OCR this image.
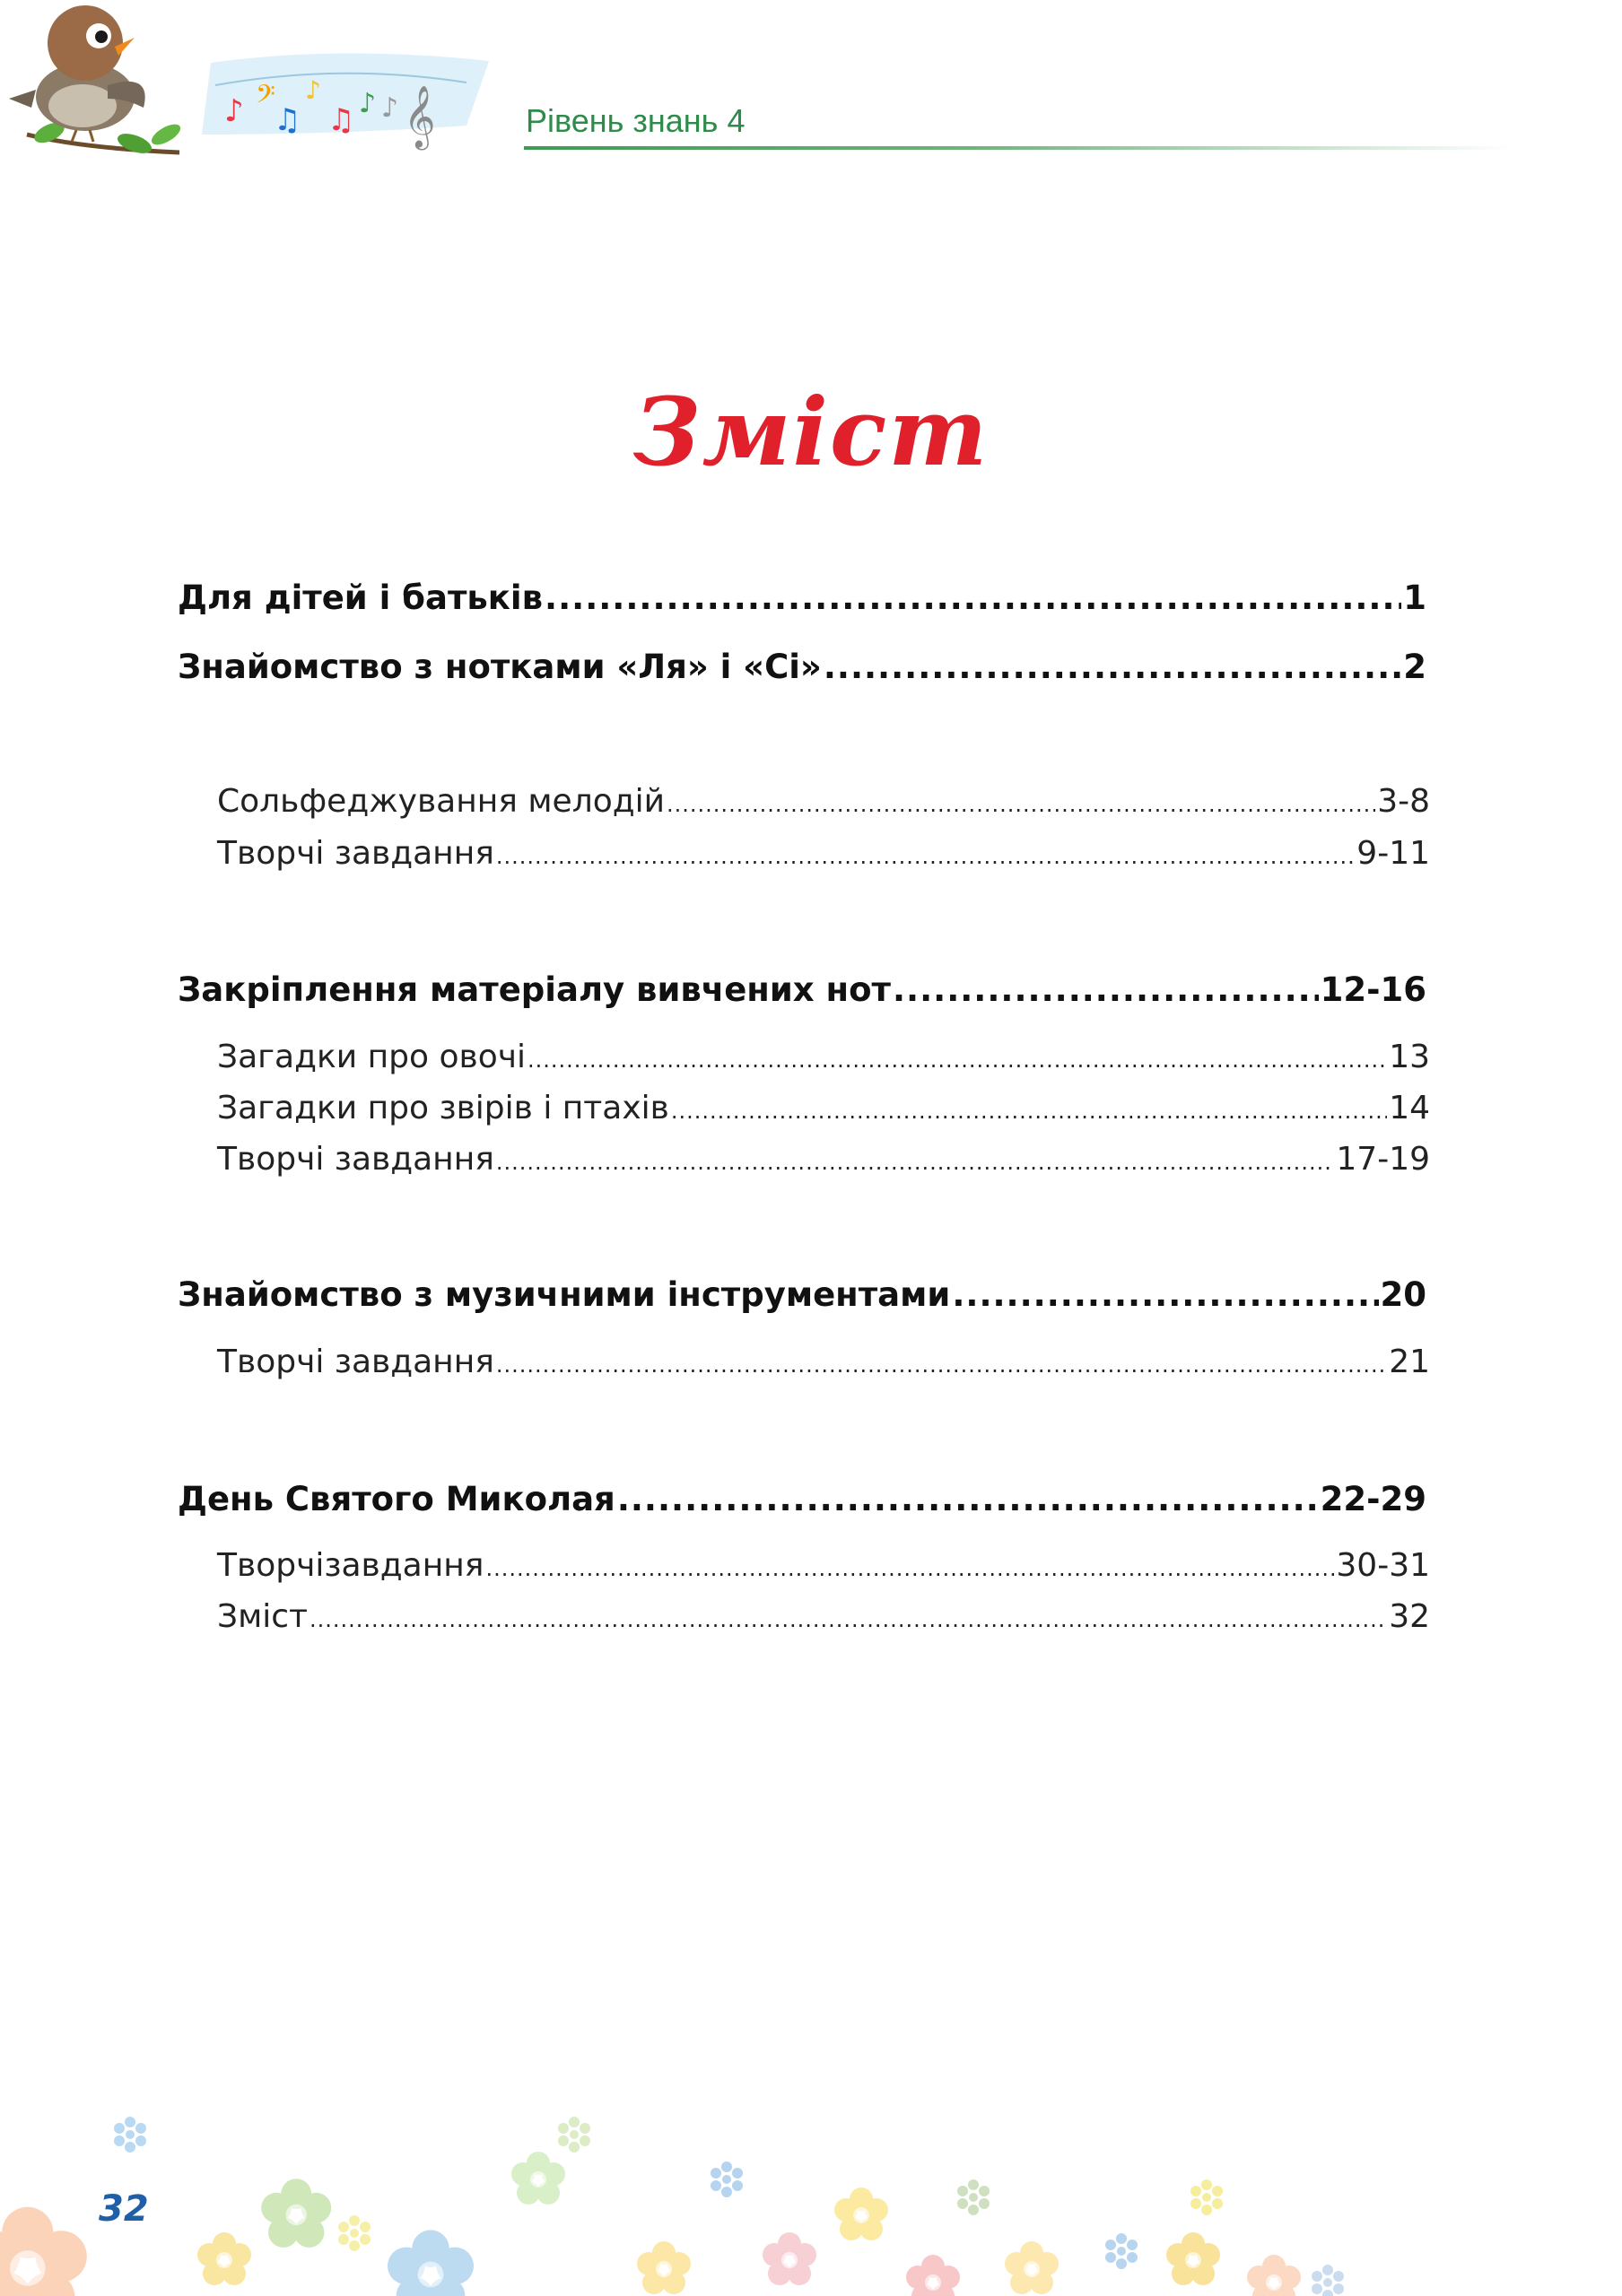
♪ 𝄢
♫
♪
♫ ♪ ♪ 𝄞	Рівень знань 4
Зміст
Для дітей і батьків .....	1
Знайомство з нотками «Ля» і «Сі» .....	2
Сольфеджування мелодій .....	3-8
Творчі завдання .....	9-11
Закріплення матеріалу вивчених нот .....	12-16
Загадки про овочі .....	13
Загадки про звірів і птахів .....	14
Творчі завдання .....	17-19
Знайомство з музичними інструментами .....	20
Творчі завдання .....	21
День Святого Миколая .....	22-29
Творчізавдання .....	30-31
Зміст .....	32
32
